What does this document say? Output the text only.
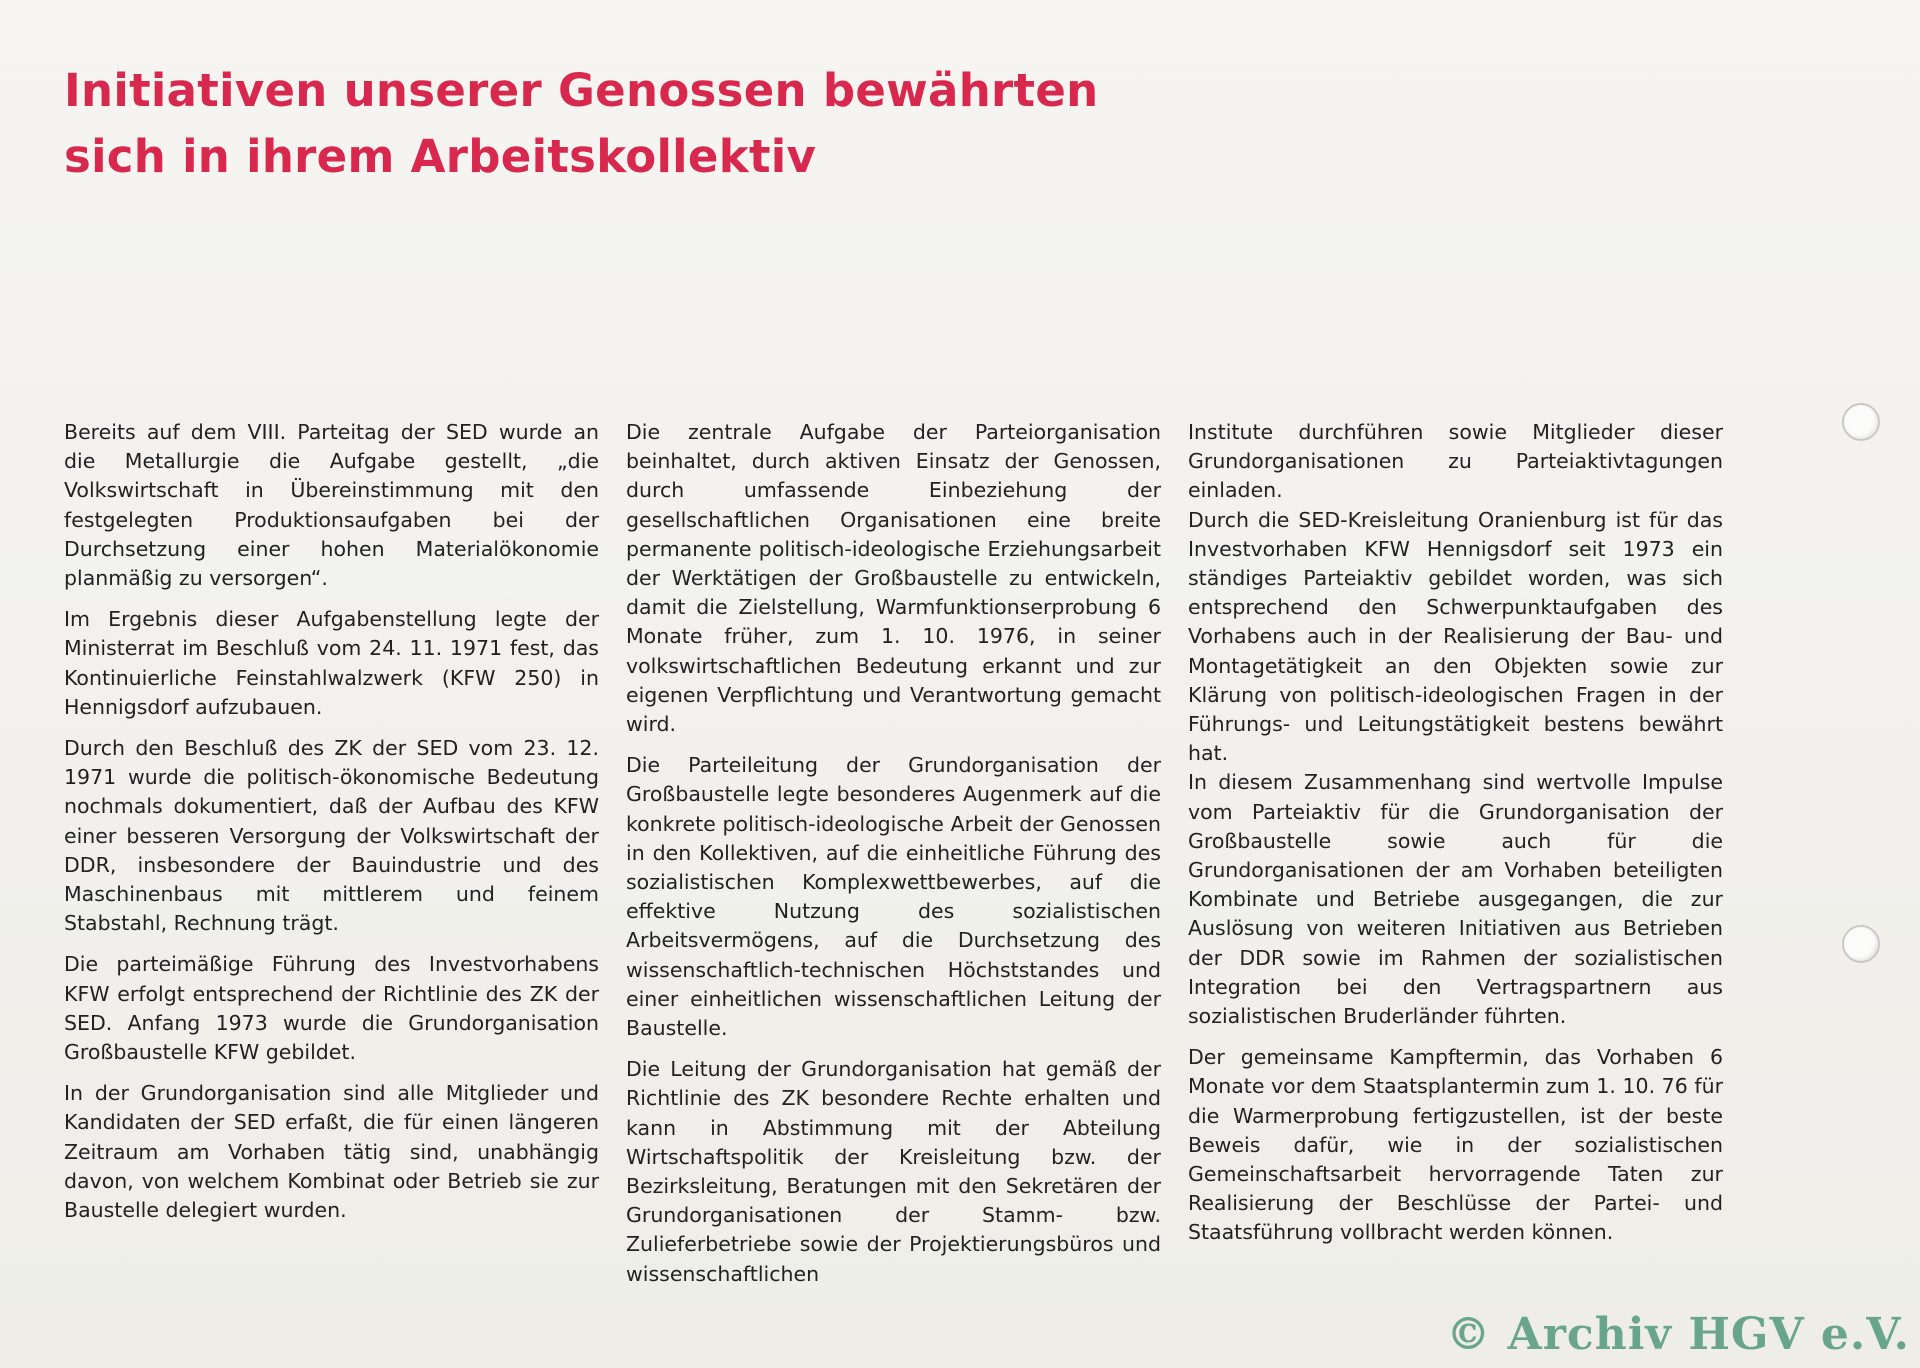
Initiativen unserer Genossen bewährten
sich in ihrem Arbeitskollektiv

Bereits auf dem VIII. Parteitag der SED wurde an die Metallurgie die Aufgabe gestellt, „die Volkswirtschaft in Übereinstimmung mit den festgelegten Produktionsaufgaben bei der Durchsetzung einer hohen Materialökonomie planmäßig zu versorgen“.

Im Ergebnis dieser Aufgabenstellung legte der Ministerrat im Beschluß vom 24. 11. 1971 fest, das Kontinuierliche Feinstahlwalzwerk (KFW 250) in Hennigsdorf aufzubauen.

Durch den Beschluß des ZK der SED vom 23. 12. 1971 wurde die politisch-ökonomische Bedeutung nochmals dokumentiert, daß der Aufbau des KFW einer besseren Versorgung der Volkswirtschaft der DDR, insbesondere der Bauindustrie und des Maschinenbaus mit mittlerem und feinem Stabstahl, Rechnung trägt.

Die parteimäßige Führung des Investvorhabens KFW erfolgt entsprechend der Richtlinie des ZK der SED. Anfang 1973 wurde die Grundorganisation Großbaustelle KFW gebildet.

In der Grundorganisation sind alle Mitglieder und Kandidaten der SED erfaßt, die für einen längeren Zeitraum am Vorhaben tätig sind, unabhängig davon, von welchem Kombinat oder Betrieb sie zur Baustelle delegiert wurden.

Die zentrale Aufgabe der Parteiorganisation beinhaltet, durch aktiven Einsatz der Genossen, durch umfassende Einbeziehung der gesellschaftlichen Organisationen eine breite permanente politisch-ideologische Erziehungsarbeit der Werktätigen der Großbaustelle zu entwickeln, damit die Zielstellung, Warmfunktionserprobung 6 Monate früher, zum 1. 10. 1976, in seiner volkswirtschaftlichen Bedeutung erkannt und zur eigenen Verpflichtung und Verantwortung gemacht wird.

Die Parteileitung der Grundorganisation der Großbaustelle legte besonderes Augenmerk auf die konkrete politisch-ideologische Arbeit der Genossen in den Kollektiven, auf die einheitliche Führung des sozialistischen Komplexwettbewerbes, auf die effektive Nutzung des sozialistischen Arbeitsvermögens, auf die Durchsetzung des wissenschaftlich-technischen Höchststandes und einer einheitlichen wissenschaftlichen Leitung der Baustelle.

Die Leitung der Grundorganisation hat gemäß der Richtlinie des ZK besondere Rechte erhalten und kann in Abstimmung mit der Abteilung Wirtschaftspolitik der Kreisleitung bzw. der Bezirksleitung, Beratungen mit den Sekretären der Grundorganisationen der Stamm- bzw. Zulieferbetriebe sowie der Projektierungsbüros und wissenschaftlichen

Institute durchführen sowie Mitglieder dieser Grundorganisationen zu Parteiaktivtagungen einladen.

Durch die SED-Kreisleitung Oranienburg ist für das Investvorhaben KFW Hennigsdorf seit 1973 ein ständiges Parteiaktiv gebildet worden, was sich entsprechend den Schwerpunktaufgaben des Vorhabens auch in der Realisierung der Bau- und Montagetätigkeit an den Objekten sowie zur Klärung von politisch-ideologischen Fragen in der Führungs- und Leitungstätigkeit bestens bewährt hat.

In diesem Zusammenhang sind wertvolle Impulse vom Parteiaktiv für die Grundorganisation der Großbaustelle sowie auch für die Grundorganisationen der am Vorhaben beteiligten Kombinate und Betriebe ausgegangen, die zur Auslösung von weiteren Initiativen aus Betrieben der DDR sowie im Rahmen der sozialistischen Integration bei den Vertragspartnern aus sozialistischen Bruderländer führten.

Der gemeinsame Kampftermin, das Vorhaben 6 Monate vor dem Staatsplantermin zum 1. 10. 76 für die Warmerprobung fertigzustellen, ist der beste Beweis dafür, wie in der sozialistischen Gemeinschaftsarbeit hervorragende Taten zur Realisierung der Beschlüsse der Partei- und Staatsführung vollbracht werden können.

© Archiv HGV e.V.
